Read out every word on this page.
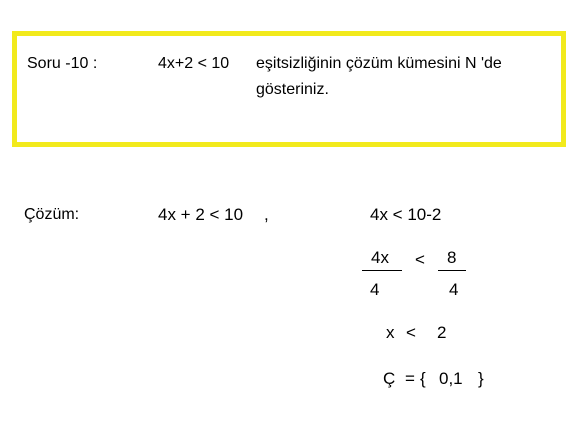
Soru -10 :	4x+2 < 10 eşitsizliğinin çözüm kümesini N 'de
gösteriniz.
Çözüm:	4x + 2 < 10 ,	4x < 10-2
4x
4
< 8
4
x < 2
Ç = { 0,1 }
